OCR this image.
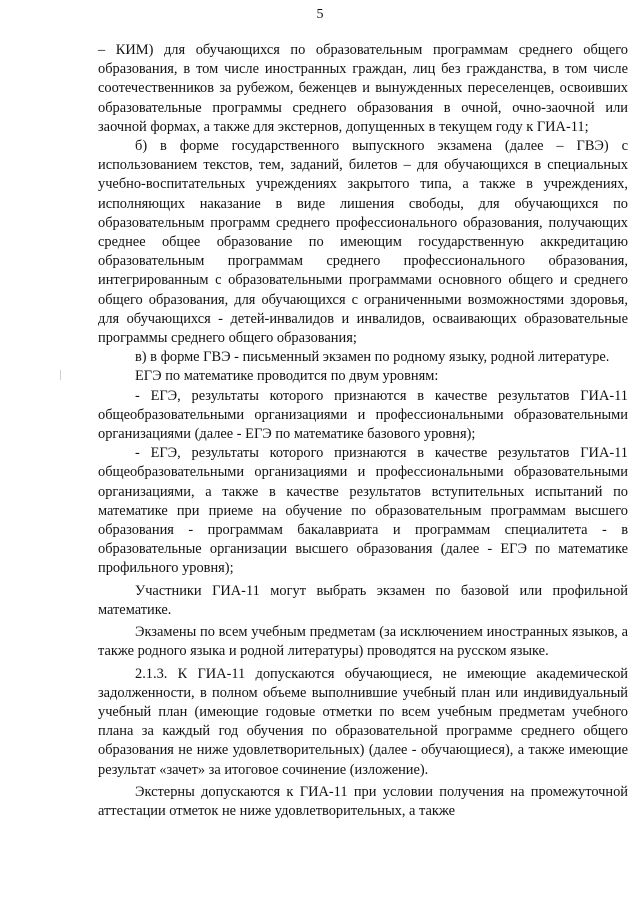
5

– КИМ) для обучающихся по образовательным программам среднего общего образования, в том числе иностранных граждан, лиц без гражданства, в том числе соотечественников за рубежом, беженцев и вынужденных переселенцев, освоивших образовательные программы среднего образования в очной, очно-заочной или заочной формах, а также для экстернов, допущенных в текущем году к ГИА-11;

б) в форме государственного выпускного экзамена (далее – ГВЭ) с использованием текстов, тем, заданий, билетов – для обучающихся в специальных учебно-воспитательных учреждениях закрытого типа, а также в учреждениях, исполняющих наказание в виде лишения свободы, для обучающихся по образовательным программ среднего профессионального образования, получающих среднее общее образование по имеющим государственную аккредитацию образовательным программам среднего профессионального образования, интегрированным с образовательными программами основного общего и среднего общего образования, для обучающихся с ограниченными возможностями здоровья, для обучающихся - детей-инвалидов и инвалидов, осваивающих образовательные программы среднего общего образования;

в) в форме ГВЭ - письменный экзамен по родному языку, родной литературе.

ЕГЭ по математике проводится по двум уровням:

- ЕГЭ, результаты которого признаются в качестве результатов ГИА-11 общеобразовательными организациями и профессиональными образовательными организациями (далее - ЕГЭ по математике базового уровня);

- ЕГЭ, результаты которого признаются в качестве результатов ГИА-11 общеобразовательными организациями и профессиональными образовательными организациями, а также в качестве результатов вступительных испытаний по математике при приеме на обучение по образовательным программам высшего образования - программам бакалавриата и программам специалитета - в образовательные организации высшего образования (далее - ЕГЭ по математике профильного уровня);

Участники ГИА-11 могут выбрать экзамен по базовой или профильной математике.

Экзамены по всем учебным предметам (за исключением иностранных языков, а также родного языка и родной литературы) проводятся на русском языке.

2.1.3. К ГИА-11 допускаются обучающиеся, не имеющие академической задолженности, в полном объеме выполнившие учебный план или индивидуальный учебный план (имеющие годовые отметки по всем учебным предметам учебного плана за каждый год обучения по образовательной программе среднего общего образования не ниже удовлетворительных) (далее - обучающиеся), а также имеющие результат «зачет» за итоговое сочинение (изложение).

Экстерны допускаются к ГИА-11 при условии получения на промежуточной аттестации отметок не ниже удовлетворительных, а также
